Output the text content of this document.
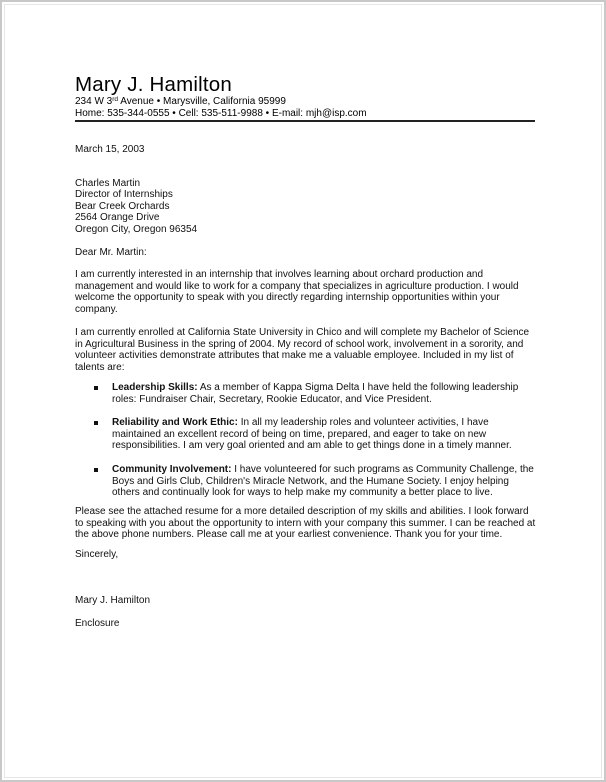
Mary J. Hamilton
234 W 3rd Avenue • Marysville, California 95999
Home: 535-344-0555 • Cell: 535-511-9988 • E-mail: mjh@isp.com
March 15, 2003
Charles Martin
Director of Internships
Bear Creek Orchards
2564 Orange Drive
Oregon City, Oregon 96354
Dear Mr. Martin:
I am currently interested in an internship that involves learning about orchard production and management and would like to work for a company that specializes in agriculture production. I would welcome the opportunity to speak with you directly regarding internship opportunities within your company.
I am currently enrolled at California State University in Chico and will complete my Bachelor of Science in Agricultural Business in the spring of 2004. My record of school work, involvement in a sorority, and volunteer activities demonstrate attributes that make me a valuable employee. Included in my list of talents are:
Leadership Skills: As a member of Kappa Sigma Delta I have held the following leadership roles: Fundraiser Chair, Secretary, Rookie Educator, and Vice President.
Reliability and Work Ethic: In all my leadership roles and volunteer activities, I have maintained an excellent record of being on time, prepared, and eager to take on new responsibilities. I am very goal oriented and am able to get things done in a timely manner.
Community Involvement: I have volunteered for such programs as Community Challenge, the Boys and Girls Club, Children's Miracle Network, and the Humane Society. I enjoy helping others and continually look for ways to help make my community a better place to live.
Please see the attached resume for a more detailed description of my skills and abilities. I look forward to speaking with you about the opportunity to intern with your company this summer. I can be reached at the above phone numbers. Please call me at your earliest convenience. Thank you for your time.
Sincerely,
Mary J. Hamilton
Enclosure
